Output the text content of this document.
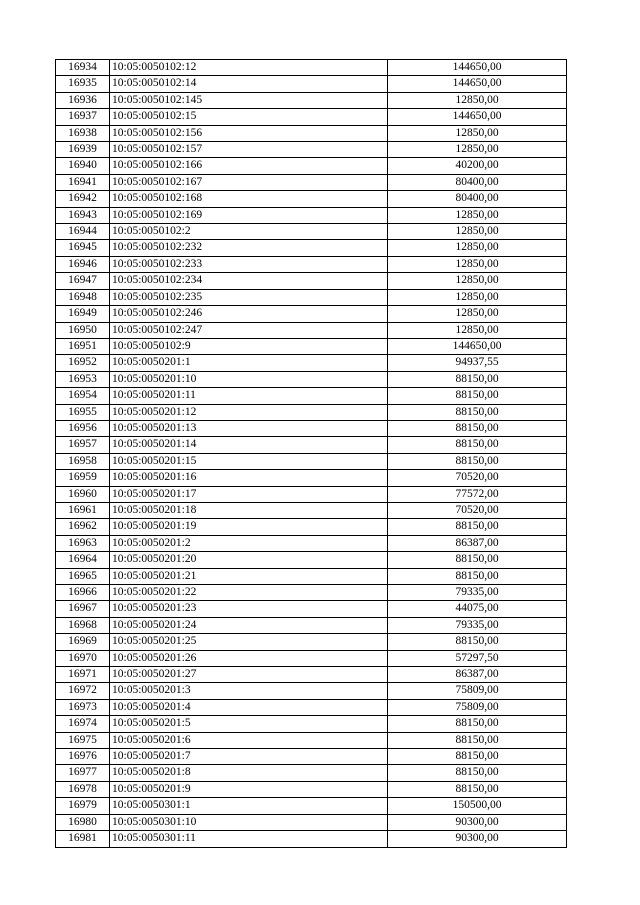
16934	10:05:0050102:12	144650,00
16935	10:05:0050102:14	144650,00
16936	10:05:0050102:145	12850,00
16937	10:05:0050102:15	144650,00
16938	10:05:0050102:156	12850,00
16939	10:05:0050102:157	12850,00
16940	10:05:0050102:166	40200,00
16941	10:05:0050102:167	80400,00
16942	10:05:0050102:168	80400,00
16943	10:05:0050102:169	12850,00
16944	10:05:0050102:2	12850,00
16945	10:05:0050102:232	12850,00
16946	10:05:0050102:233	12850,00
16947	10:05:0050102:234	12850,00
16948	10:05:0050102:235	12850,00
16949	10:05:0050102:246	12850,00
16950	10:05:0050102:247	12850,00
16951	10:05:0050102:9	144650,00
16952	10:05:0050201:1	94937,55
16953	10:05:0050201:10	88150,00
16954	10:05:0050201:11	88150,00
16955	10:05:0050201:12	88150,00
16956	10:05:0050201:13	88150,00
16957	10:05:0050201:14	88150,00
16958	10:05:0050201:15	88150,00
16959	10:05:0050201:16	70520,00
16960	10:05:0050201:17	77572,00
16961	10:05:0050201:18	70520,00
16962	10:05:0050201:19	88150,00
16963	10:05:0050201:2	86387,00
16964	10:05:0050201:20	88150,00
16965	10:05:0050201:21	88150,00
16966	10:05:0050201:22	79335,00
16967	10:05:0050201:23	44075,00
16968	10:05:0050201:24	79335,00
16969	10:05:0050201:25	88150,00
16970	10:05:0050201:26	57297,50
16971	10:05:0050201:27	86387,00
16972	10:05:0050201:3	75809,00
16973	10:05:0050201:4	75809,00
16974	10:05:0050201:5	88150,00
16975	10:05:0050201:6	88150,00
16976	10:05:0050201:7	88150,00
16977	10:05:0050201:8	88150,00
16978	10:05:0050201:9	88150,00
16979	10:05:0050301:1	150500,00
16980	10:05:0050301:10	90300,00
16981	10:05:0050301:11	90300,00
